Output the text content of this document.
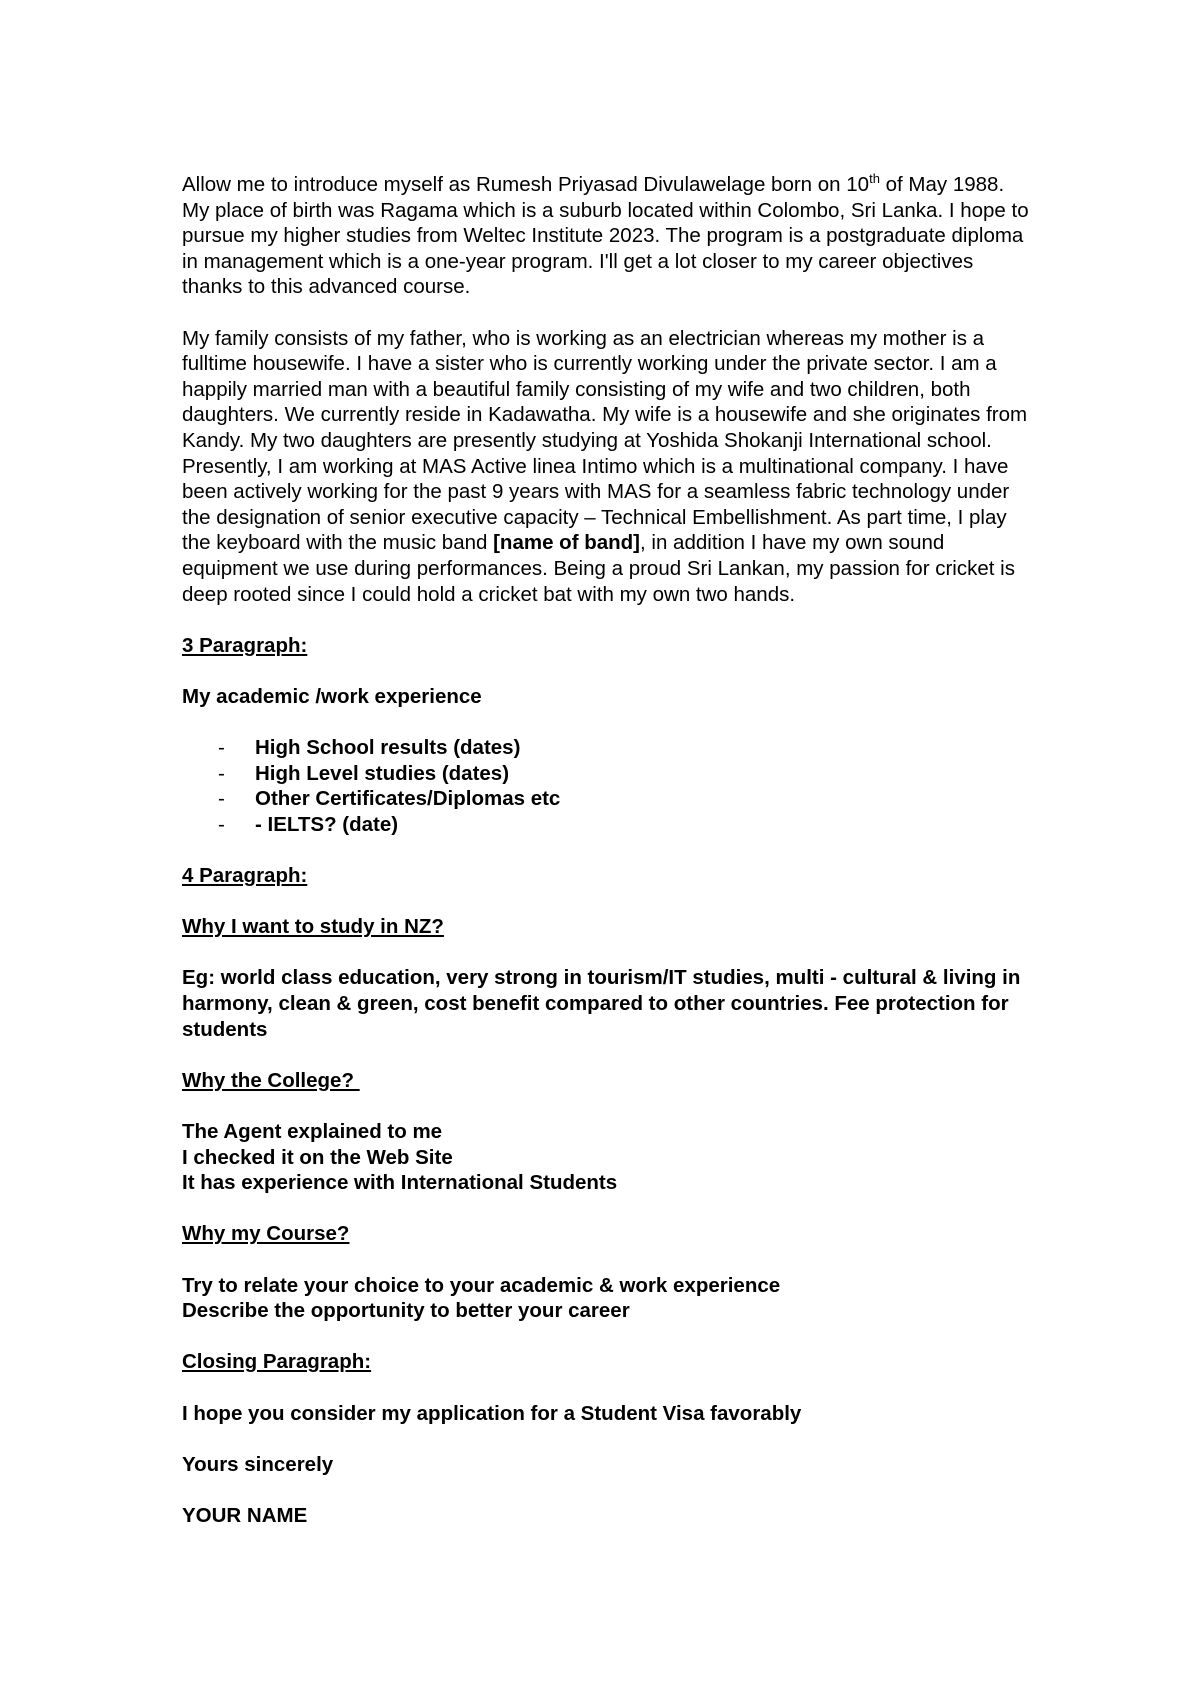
Allow me to introduce myself as Rumesh Priyasad Divulawelage born on 10th of May 1988. My place of birth was Ragama which is a suburb located within Colombo, Sri Lanka. I hope to pursue my higher studies from Weltec Institute 2023. The program is a postgraduate diploma in management which is a one-year program. I'll get a lot closer to my career objectives thanks to this advanced course.

My family consists of my father, who is working as an electrician whereas my mother is a fulltime housewife. I have a sister who is currently working under the private sector. I am a happily married man with a beautiful family consisting of my wife and two children, both daughters. We currently reside in Kadawatha. My wife is a housewife and she originates from Kandy. My two daughters are presently studying at Yoshida Shokanji International school. Presently, I am working at MAS Active linea Intimo which is a multinational company. I have been actively working for the past 9 years with MAS for a seamless fabric technology under the designation of senior executive capacity – Technical Embellishment. As part time, I play the keyboard with the music band [name of band], in addition I have my own sound equipment we use during performances. Being a proud Sri Lankan, my passion for cricket is deep rooted since I could hold a cricket bat with my own two hands.

3 Paragraph:

My academic /work experience

- High School results (dates)
- High Level studies (dates)
- Other Certificates/Diplomas etc
- - IELTS? (date)

4 Paragraph:

Why I want to study in NZ?

Eg: world class education, very strong in tourism/IT studies, multi - cultural & living in harmony, clean & green, cost benefit compared to other countries. Fee protection for students

Why the College?

The Agent explained to me
I checked it on the Web Site
It has experience with International Students

Why my Course?

Try to relate your choice to your academic & work experience
Describe the opportunity to better your career

Closing Paragraph:

I hope you consider my application for a Student Visa favorably

Yours sincerely

YOUR NAME
